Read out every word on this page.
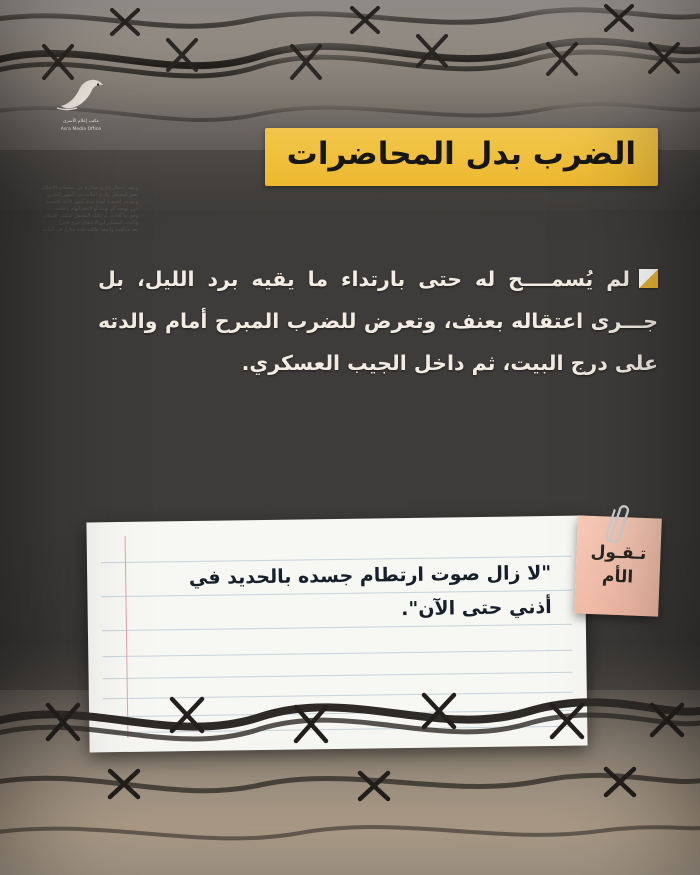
وثيقة اعتقال إداري صادرة عن سلطات الاحتلال
بحق المعتقل بتاريخ الثالث من الشهر الجاري
ويستمر التمديد لمدة ستة أشهر قابلة للتجديد
دون توجيه أي تهمة أو لائحة اتهام واضحة
وفق ما أفادت به عائلة المعتقل لمكتب الإعلام
وأكدت المصادر أن الاعتقال جرى فجرا
بعد مداهمة واسعة طالت عدة منازل في البلدة
مكتب إعلام الأسرى
Asra Media Office
الضرب بدل المحاضرات
لم يُسمــــح له حتى بارتداء ما يقيه برد الليل، بل جـــرى اعتقاله بعنف، وتعرض للضرب المبرح أمام والدته على درج البيت، ثم داخل الجيب العسكري.
"لا زال صوت ارتطام جسده بالحديد في أذني حتى الآن".
تـقـول
الأم
